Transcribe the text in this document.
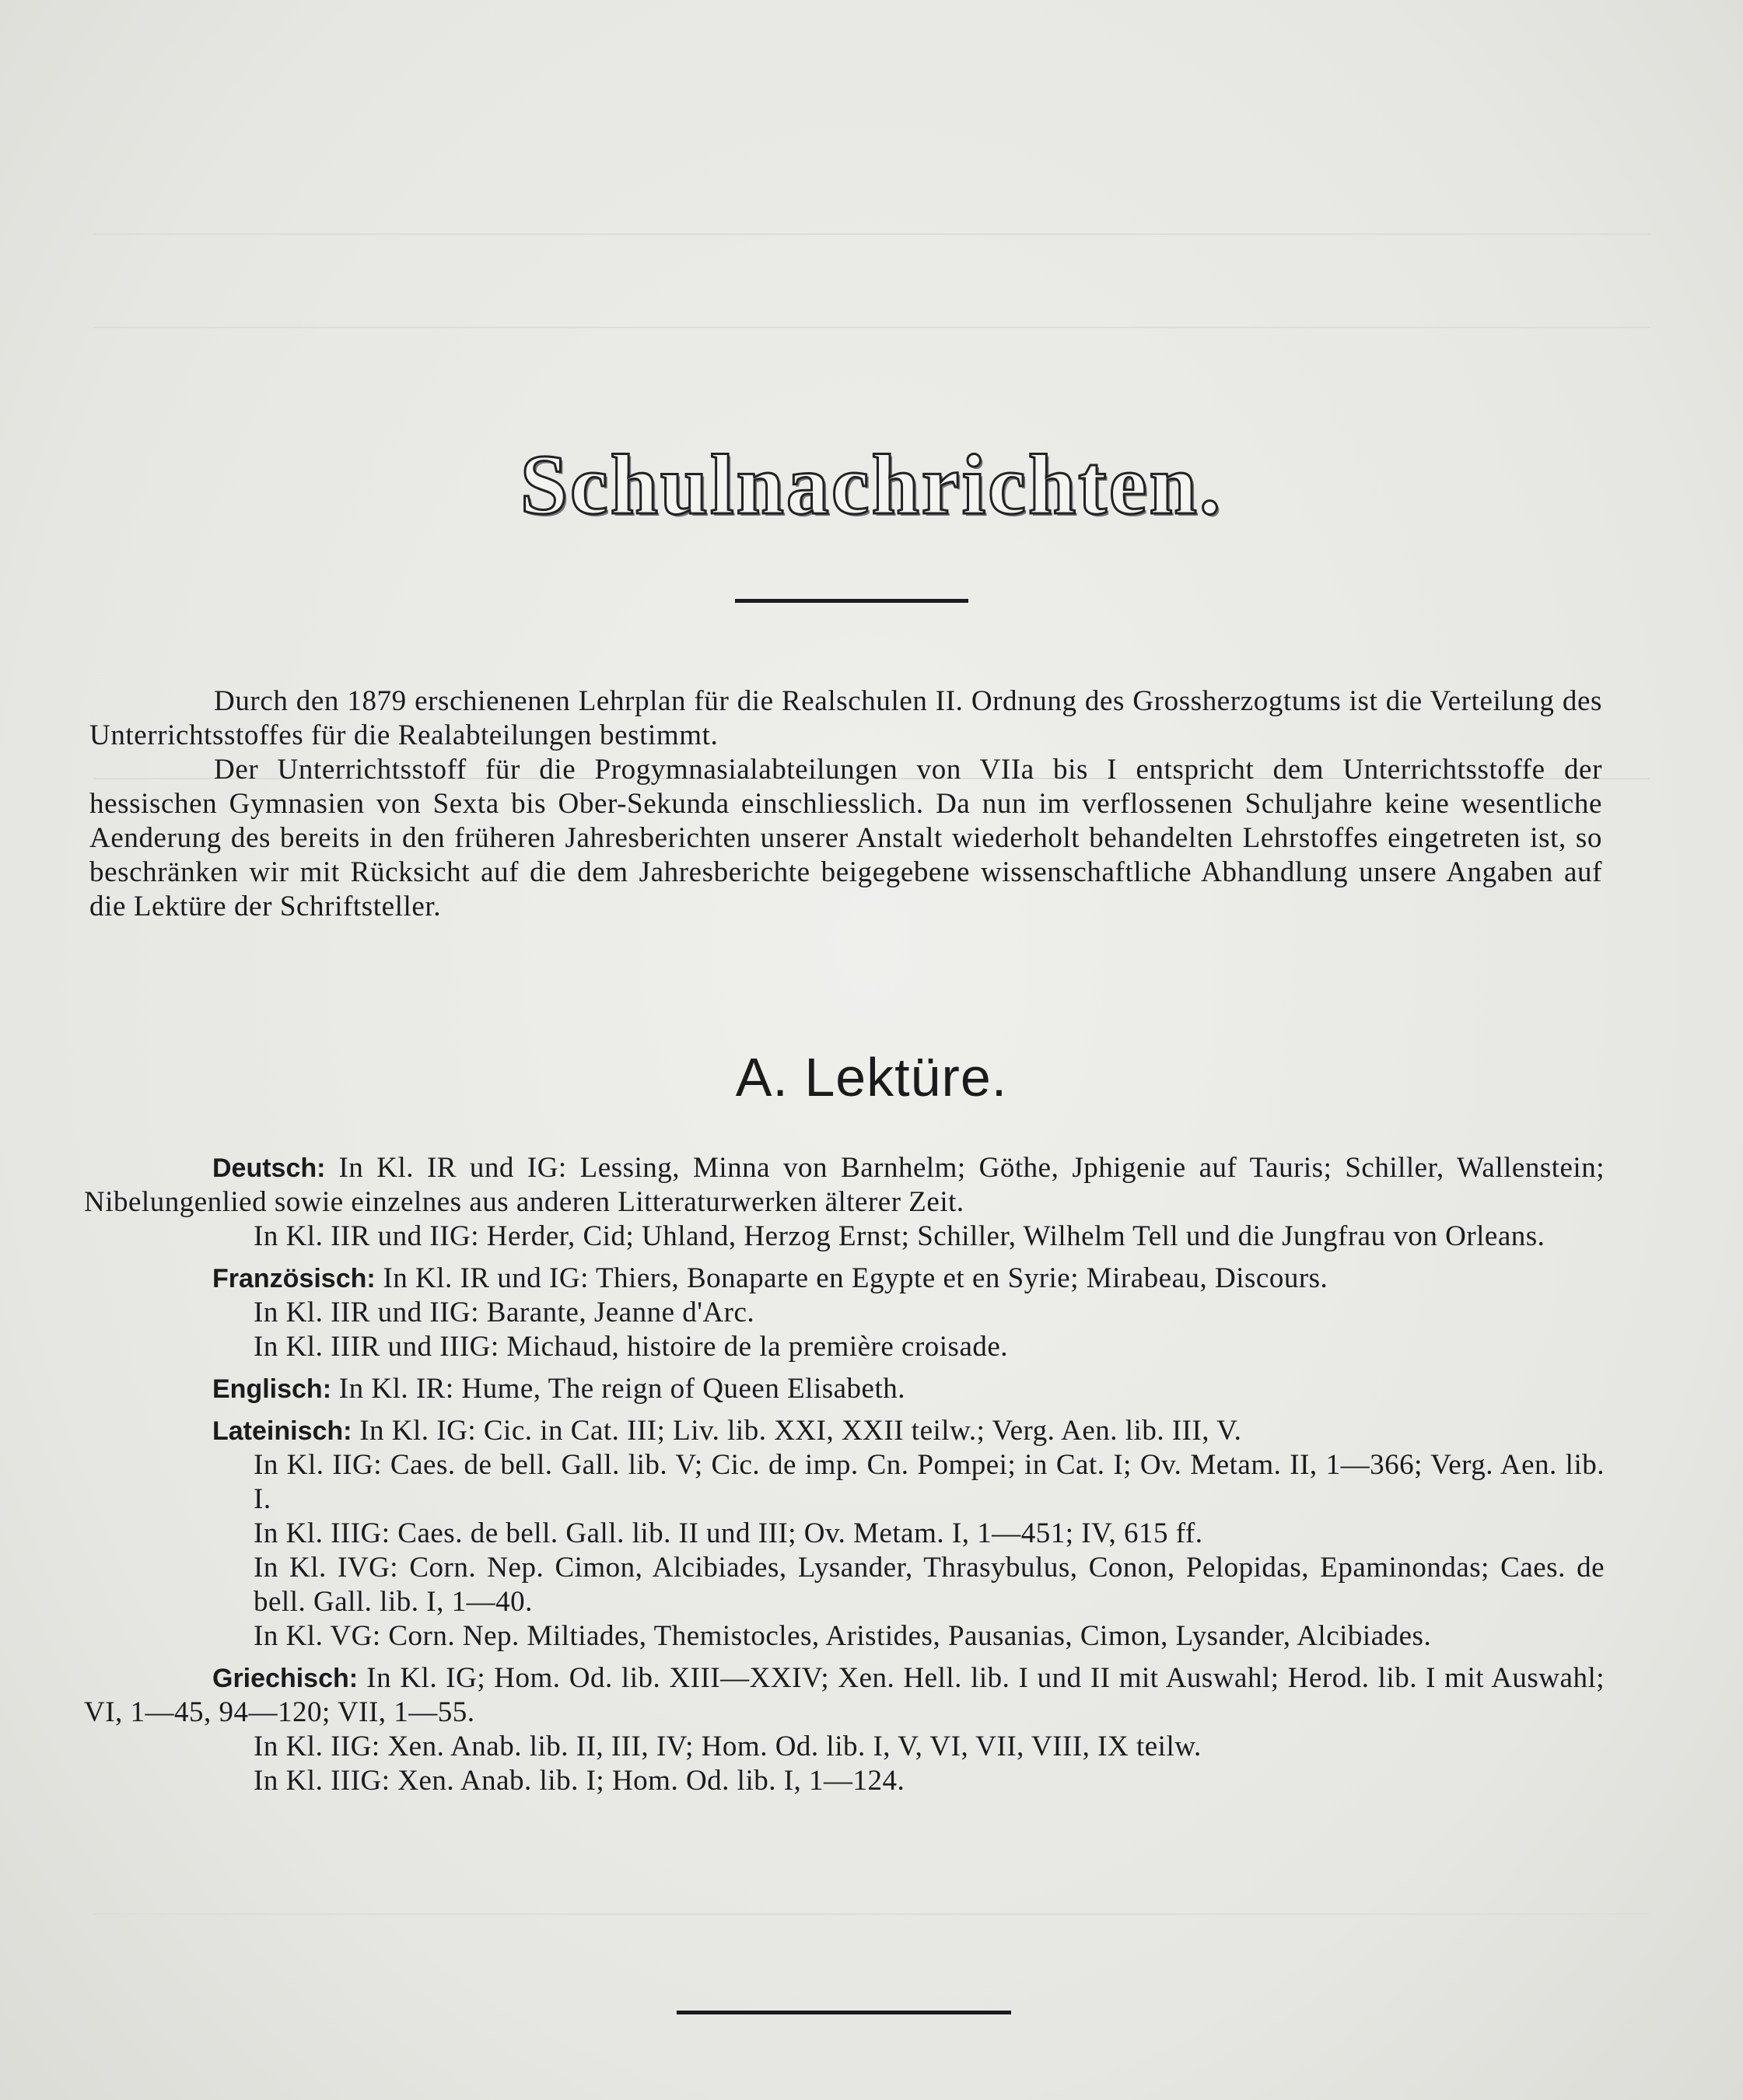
Schulnachrichten.

Durch den 1879 erschienenen Lehrplan für die Realschulen II. Ordnung des Grossherzogtums ist die Verteilung des Unterrichtsstoffes für die Realabteilungen bestimmt.

Der Unterrichtsstoff für die Progymnasialabteilungen von VIIa bis I entspricht dem Unterrichtsstoffe der hessischen Gymnasien von Sexta bis Ober-Sekunda einschliesslich. Da nun im verflossenen Schuljahre keine wesentliche Aenderung des bereits in den früheren Jahresberichten unserer Anstalt wiederholt behandelten Lehrstoffes eingetreten ist, so beschränken wir mit Rücksicht auf die dem Jahresberichte beigegebene wissenschaftliche Abhandlung unsere Angaben auf die Lektüre der Schriftsteller.

A. Lektüre.
Deutsch: In Kl. IR und IG: Lessing, Minna von Barnhelm; Göthe, Jphigenie auf Tauris; Schiller, Wallenstein; Nibelungenlied sowie einzelnes aus anderen Litteraturwerken älterer Zeit.
In Kl. IIR und IIG: Herder, Cid; Uhland, Herzog Ernst; Schiller, Wilhelm Tell und die Jungfrau von Orleans.
Französisch: In Kl. IR und IG: Thiers, Bonaparte en Egypte et en Syrie; Mirabeau, Discours.
In Kl. IIR und IIG: Barante, Jeanne d'Arc.
In Kl. IIIR und IIIG: Michaud, histoire de la première croisade.
Englisch: In Kl. IR: Hume, The reign of Queen Elisabeth.
Lateinisch: In Kl. IG: Cic. in Cat. III; Liv. lib. XXI, XXII teilw.; Verg. Aen. lib. III, V.
In Kl. IIG: Caes. de bell. Gall. lib. V; Cic. de imp. Cn. Pompei; in Cat. I; Ov. Metam. II, 1—366; Verg. Aen. lib. I.
In Kl. IIIG: Caes. de bell. Gall. lib. II und III; Ov. Metam. I, 1—451; IV, 615 ff.
In Kl. IVG: Corn. Nep. Cimon, Alcibiades, Lysander, Thrasybulus, Conon, Pelopidas, Epaminondas; Caes. de bell. Gall. lib. I, 1—40.
In Kl. VG: Corn. Nep. Miltiades, Themistocles, Aristides, Pausanias, Cimon, Lysander, Alcibiades.
Griechisch: In Kl. IG; Hom. Od. lib. XIII—XXIV; Xen. Hell. lib. I und II mit Auswahl; Herod. lib. I mit Auswahl; VI, 1—45, 94—120; VII, 1—55.
In Kl. IIG: Xen. Anab. lib. II, III, IV; Hom. Od. lib. I, V, VI, VII, VIII, IX teilw.
In Kl. IIIG: Xen. Anab. lib. I; Hom. Od. lib. I, 1—124.
